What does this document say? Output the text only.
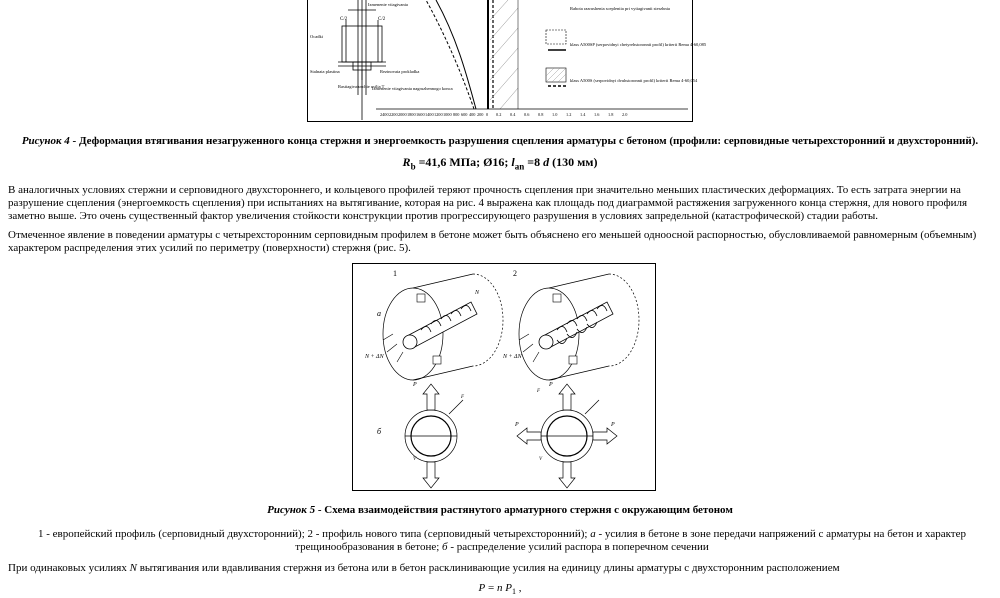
C/2	C/2
Ocadki
Izmenenie vtiagivania
Stalnaia plastina	Rezinovaia prokladka
Rastiagivaiuschie usilia T
Izmenenie vtiagivania nagruzhennogo konca
2400 2200 2000 1800 1600 1400 1200 1000 800 600 400 200 0 0.2 0.4 0.6 0.8 1.0 1.2 1.4 1.6 1.8 2.0
Rabota razrushenia scepleniia pri vytiagivanii sterzhnia
klass A500SP (serpovidnyi chetyrehstoronnii profil) kriterii Rema 4-60,085
klass A500S (serpovidnyi dvuhstoronnii profil) kriterii Rema 4-60,054
Рисунок 4 - Деформация втягивания незагруженного конца стержня и энергоемкость разрушения сцепления арматуры с бетоном (профили: серповидные четырехсторонний и двухсторонний).
$R_b =41,6$ МПа; Ø16; $l_{an} =8$ d (130 мм)

В аналогичных условиях стержни и серповидного двухстороннего, и кольцевого профилей теряют прочность сцепления при значительно меньших пластических деформациях. То есть затрата энергии на разрушение сцепления (энергоемкость сцепления) при испытаниях на вытягивание, которая на рис. 4 выражена как площадь под диаграммой растяжения загруженного конца стержня, для нового профиля заметно выше. Это очень существенный фактор увеличения стойкости конструкции против прогрессирующего разрушения в условиях запредельной (катастрофической) стадии работы.

Отмеченное явление в поведении арматуры с четырехсторонним серповидным профилем в бетоне может быть объяснено его меньшей одноосной распорностью, обусловливаемой равномерным (объемным) характером распределения этих усилий по периметру (поверхности) стержня (рис. 5).

1	2
а
б
N
N + ΔN	N + ΔN
P	P
P	P
F
F
V	V
Рисунок 5 - Схема взаимодействия растянутого арматурного стержня с окружающим бетоном
1 - европейский профиль (серповидный двухсторонний); 2 - профиль нового типа (серповидный четырехсторонний); а - усилия в бетоне в зоне передачи напряжений с арматуры на бетон и характер трещинообразования в бетоне; б - распределение усилий распора в поперечном сечении

При одинаковых усилиях N вытягивания или вдавливания стержня из бетона или в бетон расклинивающие усилия на единицу длины арматуры с двухсторонним расположением

P = n $P_1$ ,
